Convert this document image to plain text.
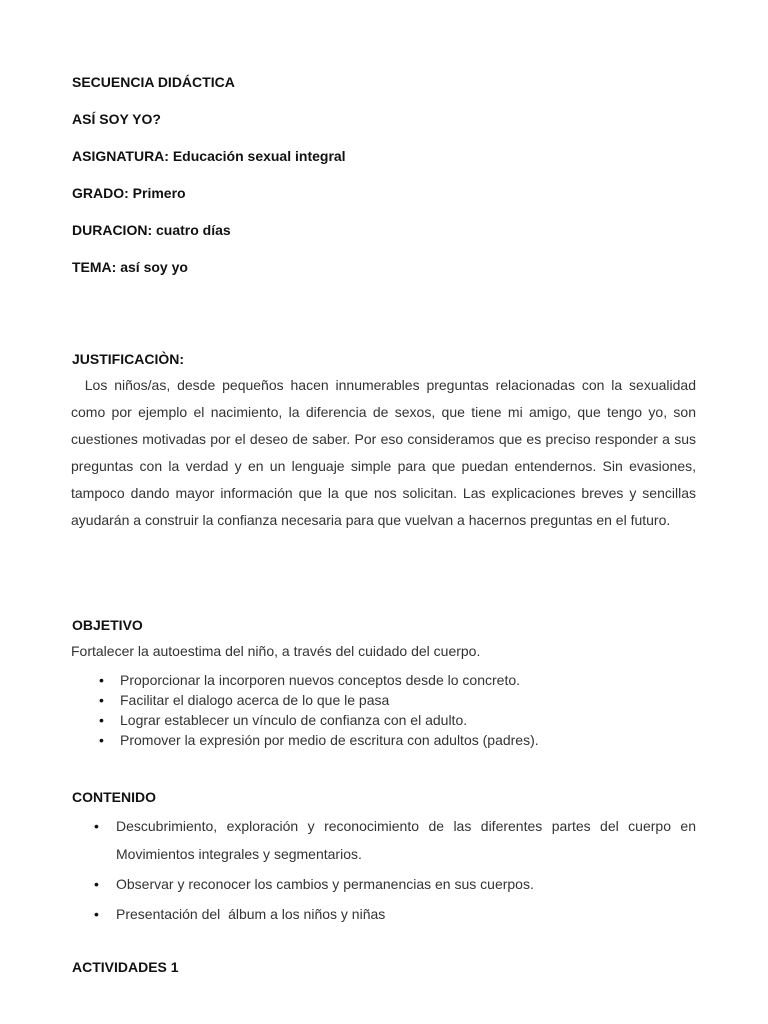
SECUENCIA DIDÁCTICA

ASÍ SOY YO?

ASIGNATURA: Educación sexual integral

GRADO: Primero

DURACION: cuatro días

TEMA: así soy yo

JUSTIFICACIÒN:

Los niños/as, desde pequeños hacen innumerables preguntas relacionadas con la sexualidad como por ejemplo el nacimiento, la diferencia de sexos, que tiene mi amigo, que tengo yo, son cuestiones motivadas por el deseo de saber. Por eso consideramos que es preciso responder a sus preguntas con la verdad y en un lenguaje simple para que puedan entendernos. Sin evasiones, tampoco dando mayor información que la que nos solicitan. Las explicaciones breves y sencillas ayudarán a construir la confianza necesaria para que vuelvan a hacernos preguntas en el futuro.

OBJETIVO

Fortalecer la autoestima del niño, a través del cuidado del cuerpo.

• Proporcionar la incorporen nuevos conceptos desde lo concreto.
• Facilitar el dialogo acerca de lo que le pasa
• Lograr establecer un vínculo de confianza con el adulto.
• Promover la expresión por medio de escritura con adultos (padres).

CONTENIDO

• Descubrimiento, exploración y reconocimiento de las diferentes partes del cuerpo en Movimientos integrales y segmentarios.
• Observar y reconocer los cambios y permanencias en sus cuerpos.
• Presentación del  álbum a los niños y niñas

ACTIVIDADES 1
